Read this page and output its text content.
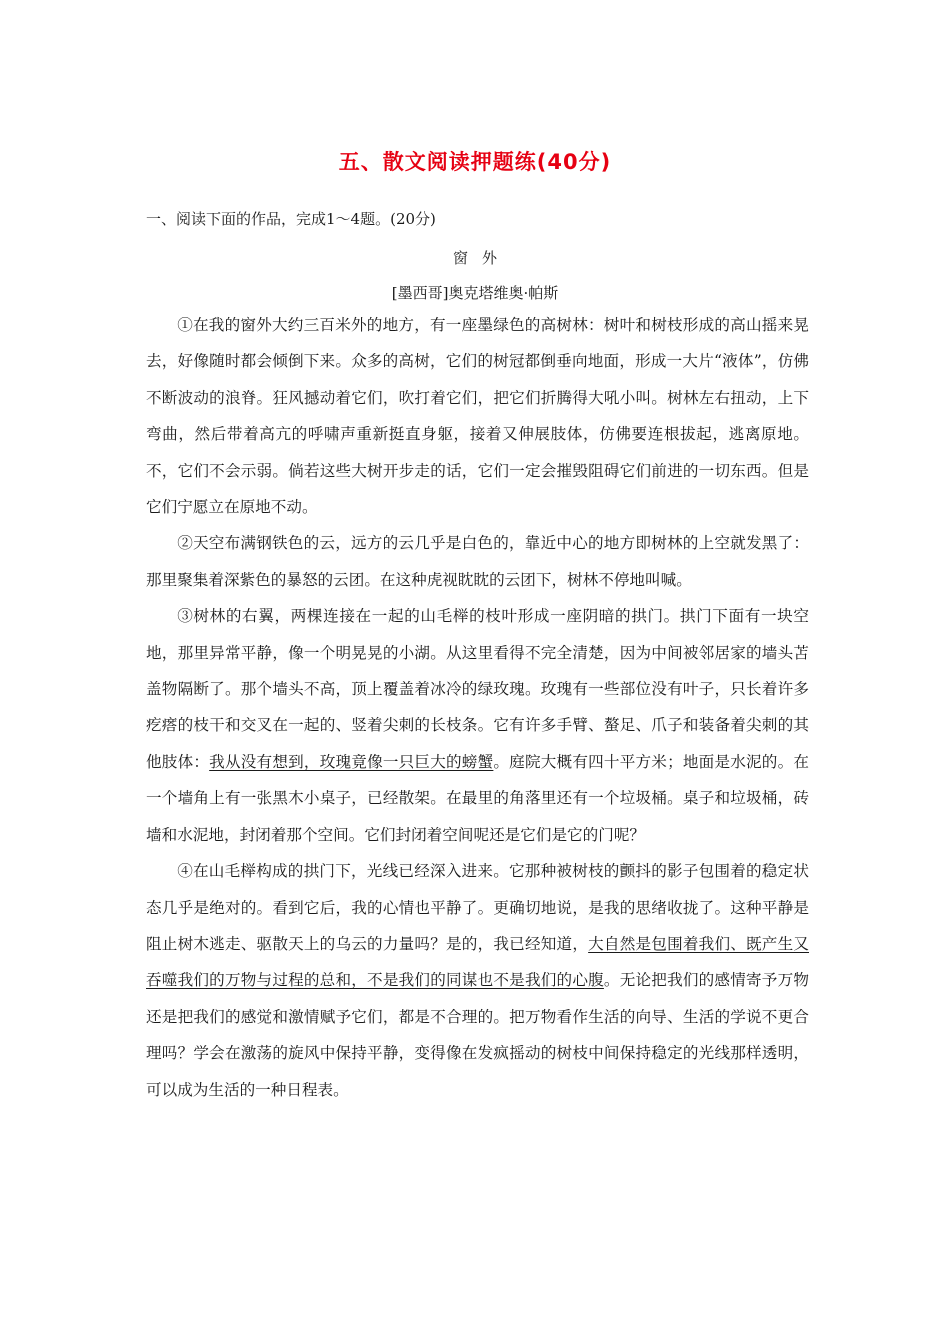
五、散文阅读押题练(40分)
一、阅读下面的作品，完成1～4题。(20分)
窗外
[墨西哥]奥克塔维奥·帕斯

①在我的窗外大约三百米外的地方，有一座墨绿色的高树林：树叶和树枝形成的高山摇来晃去，好像随时都会倾倒下来。众多的高树，它们的树冠都倒垂向地面，形成一大片“液体”，仿佛不断波动的浪脊。狂风撼动着它们，吹打着它们，把它们折腾得大吼小叫。树林左右扭动，上下弯曲，然后带着高亢的呼啸声重新挺直身躯，接着又伸展肢体，仿佛要连根拔起，逃离原地。不，它们不会示弱。倘若这些大树开步走的话，它们一定会摧毁阻碍它们前进的一切东西。但是它们宁愿立在原地不动。

②天空布满钢铁色的云，远方的云几乎是白色的，靠近中心的地方即树林的上空就发黑了：那里聚集着深紫色的暴怒的云团。在这种虎视眈眈的云团下，树林不停地叫喊。

③树林的右翼，两棵连接在一起的山毛榉的枝叶形成一座阴暗的拱门。拱门下面有一块空地，那里异常平静，像一个明晃晃的小湖。从这里看得不完全清楚，因为中间被邻居家的墙头苫盖物隔断了。那个墙头不高，顶上覆盖着冰冷的绿玫瑰。玫瑰有一些部位没有叶子，只长着许多疙瘩的枝干和交叉在一起的、竖着尖刺的长枝条。它有许多手臂、螯足、爪子和装备着尖刺的其他肢体：我从没有想到，玫瑰竟像一只巨大的螃蟹。庭院大概有四十平方米；地面是水泥的。在一个墙角上有一张黑木小桌子，已经散架。在最里的角落里还有一个垃圾桶。桌子和垃圾桶，砖墙和水泥地，封闭着那个空间。它们封闭着空间呢还是它们是它的门呢？

④在山毛榉构成的拱门下，光线已经深入进来。它那种被树枝的颤抖的影子包围着的稳定状态几乎是绝对的。看到它后，我的心情也平静了。更确切地说，是我的思绪收拢了。这种平静是阻止树木逃走、驱散天上的乌云的力量吗？是的，我已经知道，大自然是包围着我们、既产生又吞噬我们的万物与过程的总和，不是我们的同谋也不是我们的心腹。无论把我们的感情寄予万物还是把我们的感觉和激情赋予它们，都是不合理的。把万物看作生活的向导、生活的学说不更合理吗？学会在激荡的旋风中保持平静，变得像在发疯摇动的树枝中间保持稳定的光线那样透明，可以成为生活的一种日程表。
